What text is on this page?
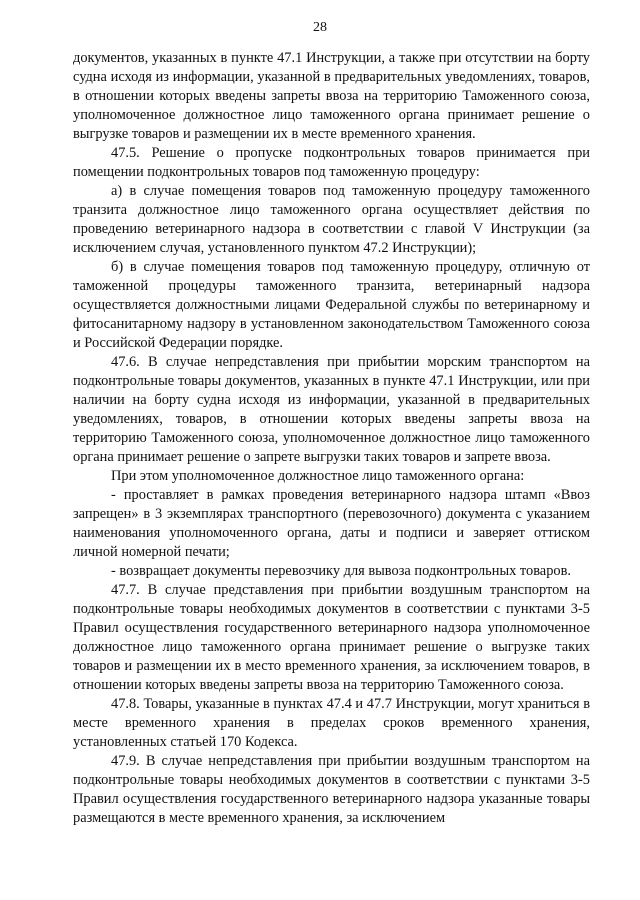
28

документов, указанных в пункте 47.1 Инструкции, а также при отсутствии на борту судна исходя из информации, указанной в предварительных уведомлениях, товаров, в отношении которых введены запреты ввоза на территорию Таможенного союза, уполномоченное должностное лицо таможенного органа принимает решение о выгрузке товаров и размещении их в месте временного хранения.

47.5. Решение о пропуске подконтрольных товаров принимается при помещении подконтрольных товаров под таможенную процедуру:

а) в случае помещения товаров под таможенную процедуру таможенного транзита должностное лицо таможенного органа осуществляет действия по проведению ветеринарного надзора в соответствии с главой V Инструкции (за исключением случая, установленного пунктом 47.2 Инструкции);

б) в случае помещения товаров под таможенную процедуру, отличную от таможенной процедуры таможенного транзита, ветеринарный надзора осуществляется должностными лицами Федеральной службы по ветеринарному и фитосанитарному надзору в установленном законодательством Таможенного союза и Российской Федерации порядке.

47.6. В случае непредставления при прибытии морским транспортом на подконтрольные товары документов, указанных в пункте 47.1 Инструкции, или при наличии на борту судна исходя из информации, указанной в предварительных уведомлениях, товаров, в отношении которых введены запреты ввоза на территорию Таможенного союза, уполномоченное должностное лицо таможенного органа принимает решение о запрете выгрузки таких товаров и запрете ввоза.

При этом уполномоченное должностное лицо таможенного органа:

- проставляет в рамках проведения ветеринарного надзора штамп «Ввоз запрещен» в 3 экземплярах транспортного (перевозочного) документа с указанием наименования уполномоченного органа, даты и подписи и заверяет оттиском личной номерной печати;

- возвращает документы перевозчику для вывоза подконтрольных товаров.

47.7. В случае представления при прибытии воздушным транспортом на подконтрольные товары необходимых документов в соответствии с пунктами 3-5 Правил осуществления государственного ветеринарного надзора уполномоченное должностное лицо таможенного органа принимает решение о выгрузке таких товаров и размещении их в место временного хранения, за исключением товаров, в отношении которых введены запреты ввоза на территорию Таможенного союза.

47.8. Товары, указанные в пунктах 47.4 и 47.7 Инструкции, могут храниться в месте временного хранения в пределах сроков временного хранения, установленных статьей 170 Кодекса.

47.9. В случае непредставления при прибытии воздушным транспортом на подконтрольные товары необходимых документов в соответствии с пунктами 3-5 Правил осуществления государственного ветеринарного надзора указанные товары размещаются в месте временного хранения, за исключением
